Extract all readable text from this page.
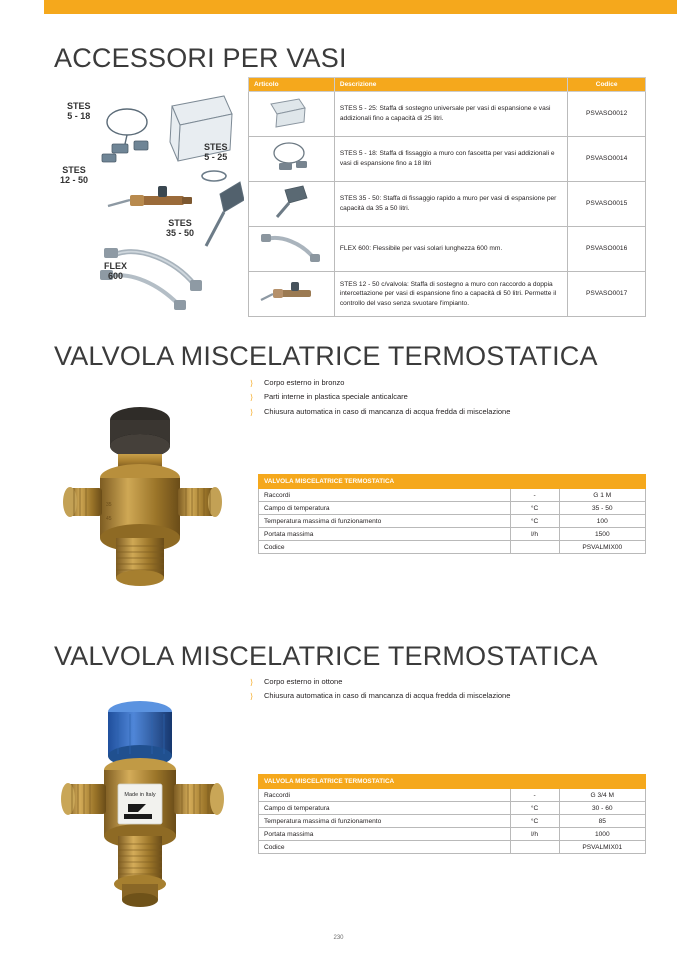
ACCESSORI PER VASI
STES
5 - 18
STES
5 - 25
STES
12 - 50
STES
35 - 50
FLEX
600
Articolo	Descrizione	Codice
	STES 5 - 25: Staffa di sostegno universale per vasi di espansione e vasi addizionali fino a capacità di 25 litri.	PSVASO0012
	STES 5 - 18: Staffa di fissaggio a muro con fascetta per vasi addizionali e vasi di espansione fino a 18 litri	PSVASO0014
	STES 35 - 50: Staffa di fissaggio rapido a muro per vasi di espansione per capacità da 35 a 50 litri.	PSVASO0015
	FLEX 600: Flessibile per vasi solari lunghezza 600 mm.	PSVASO0016
	STES 12 - 50 c/valvola: Staffa di sostegno a muro con raccordo a doppia intercettazione per vasi di espansione fino a capacità di 50 litri. Permette il controllo del vaso senza svuotare l'impianto.	PSVASO0017
VALVOLA MISCELATRICE TERMOSTATICA
⟩ Corpo esterno in bronzo
⟩ Parti interne in plastica speciale anticalcare
⟩ Chiusura automatica in caso di mancanza di acqua fredda di miscelazione
35
45
VALVOLA MISCELATRICE TERMOSTATICA		
Raccordi	-	G 1 M
Campo di temperatura	°C	35 - 50
Temperatura massima di funzionamento	°C	100
Portata massima	l/h	1500
Codice		PSVALMIX00
VALVOLA MISCELATRICE TERMOSTATICA
⟩ Corpo esterno in ottone
⟩ Chiusura automatica in caso di mancanza di acqua fredda di miscelazione
Made in Italy
VALVOLA MISCELATRICE TERMOSTATICA		
Raccordi	-	G 3/4 M
Campo di temperatura	°C	30 - 60
Temperatura massima di funzionamento	°C	85
Portata massima	l/h	1000
Codice		PSVALMIX01
230
